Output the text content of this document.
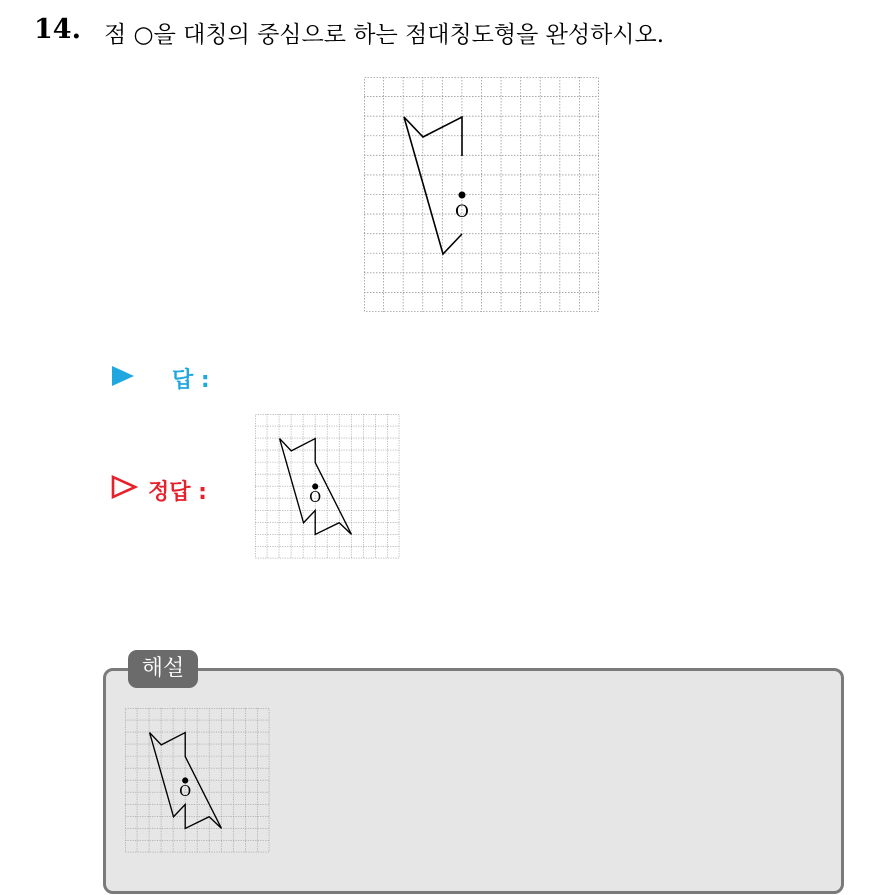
14. 점 ○을 대칭의 중심으로 하는 점대칭도형을 완성하시오.
O
답 :
정답 :	O
해설
O
